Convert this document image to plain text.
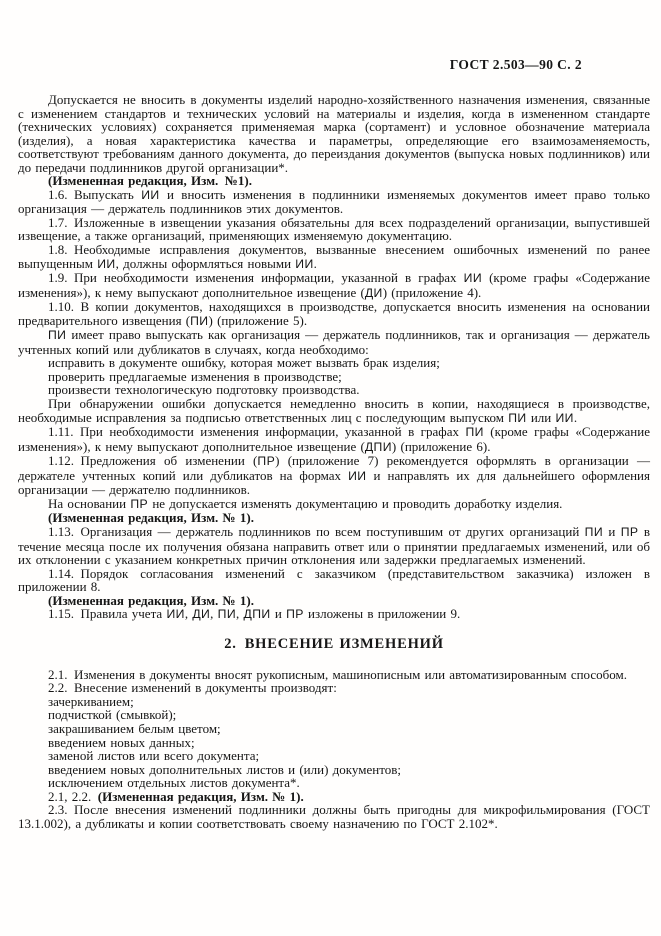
ГОСТ 2.503—90 С. 2

Допускается не вносить в документы изделий народно-хозяйственного назначения изменения, связанные с изменением стандартов и технических условий на материалы и изделия, когда в измененном стандарте (технических условиях) сохраняется применяемая марка (сортамент) и условное обозначение материала (изделия), а новая характеристика качества и параметры, определяющие его взаимозаменяемость, соответствуют требованиям данного документа, до переиздания документов (выпуска новых подлинников) или до передачи подлинников другой организации*.

(Измененная редакция, Изм. №1).

1.6. Выпускать ИИ и вносить изменения в подлинники изменяемых документов имеет право только организация — держатель подлинников этих документов.

1.7. Изложенные в извещении указания обязательны для всех подразделений организации, выпустившей извещение, а также организаций, применяющих изменяемую документацию.

1.8. Необходимые исправления документов, вызванные внесением ошибочных изменений по ранее выпущенным ИИ, должны оформляться новыми ИИ.

1.9. При необходимости изменения информации, указанной в графах ИИ (кроме графы «Содержание изменения»), к нему выпускают дополнительное извещение (ДИ) (приложение 4).

1.10. В копии документов, находящихся в производстве, допускается вносить изменения на основании предварительного извещения (ПИ) (приложение 5).

ПИ имеет право выпускать как организация — держатель подлинников, так и организация — держатель учтенных копий или дубликатов в случаях, когда необходимо:

исправить в документе ошибку, которая может вызвать брак изделия;

проверить предлагаемые изменения в производстве;

произвести технологическую подготовку производства.

При обнаружении ошибки допускается немедленно вносить в копии, находящиеся в производстве, необходимые исправления за подписью ответственных лиц с последующим выпуском ПИ или ИИ.

1.11. При необходимости изменения информации, указанной в графах ПИ (кроме графы «Содержание изменения»), к нему выпускают дополнительное извещение (ДПИ) (приложение 6).

1.12. Предложения об изменении (ПР) (приложение 7) рекомендуется оформлять в организации — держателе учтенных копий или дубликатов на формах ИИ и направлять их для дальнейшего оформления организации — держателю подлинников.

На основании ПР не допускается изменять документацию и проводить доработку изделия.

(Измененная редакция, Изм. № 1).

1.13. Организация — держатель подлинников по всем поступившим от других организаций ПИ и ПР в течение месяца после их получения обязана направить ответ или о принятии предлагаемых изменений, или об их отклонении с указанием конкретных причин отклонения или задержки предлагаемых изменений.

1.14. Порядок согласования изменений с заказчиком (представительством заказчика) изложен в приложении 8.

(Измененная редакция, Изм. № 1).

1.15. Правила учета ИИ, ДИ, ПИ, ДПИ и ПР изложены в приложении 9.

2. ВНЕСЕНИЕ ИЗМЕНЕНИЙ

2.1. Изменения в документы вносят рукописным, машинописным или автоматизированным способом.

2.2. Внесение изменений в документы производят:

зачеркиванием;

подчисткой (смывкой);

закрашиванием белым цветом;

введением новых данных;

заменой листов или всего документа;

введением новых дополнительных листов и (или) документов;

исключением отдельных листов документа*.

2.1, 2.2. (Измененная редакция, Изм. № 1).

2.3. После внесения изменений подлинники должны быть пригодны для микрофильмирования (ГОСТ 13.1.002), а дубликаты и копии соответствовать своему назначению по ГОСТ 2.102*.
